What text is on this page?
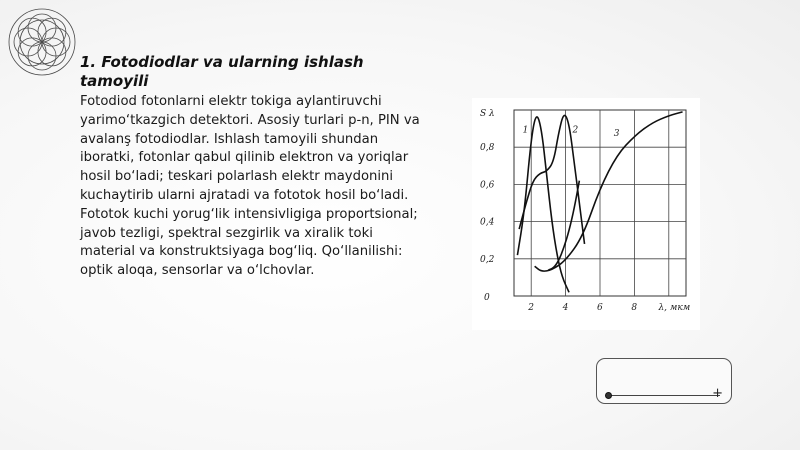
1. Fotodiodlar va ularning ishlash tamoyili

Fotodiod fotonlarni elektr tokiga aylantiruvchi yarimo‘tkazgich detektori. Asosiy turlari p-n, PIN va avalanş fotodiodlar. Ishlash tamoyili shundan iboratki, fotonlar qabul qilinib elektron va yoriqlar hosil bo‘ladi; teskari polarlash elektr maydonini kuchaytirib ularni ajratadi va fototok hosil bo‘ladi. Fototok kuchi yorug‘lik intensivligiga proportsional; javob tezligi, spektral sezgirlik va xiralik toki material va konstruktsiyaga bog‘liq. Qo‘llanilishi: optik aloqa, sensorlar va o‘lchovlar.

2	4	6	8 λ, мкм
0,2
0,4
0,6
0,8
0
S λ
1	2	3
+
